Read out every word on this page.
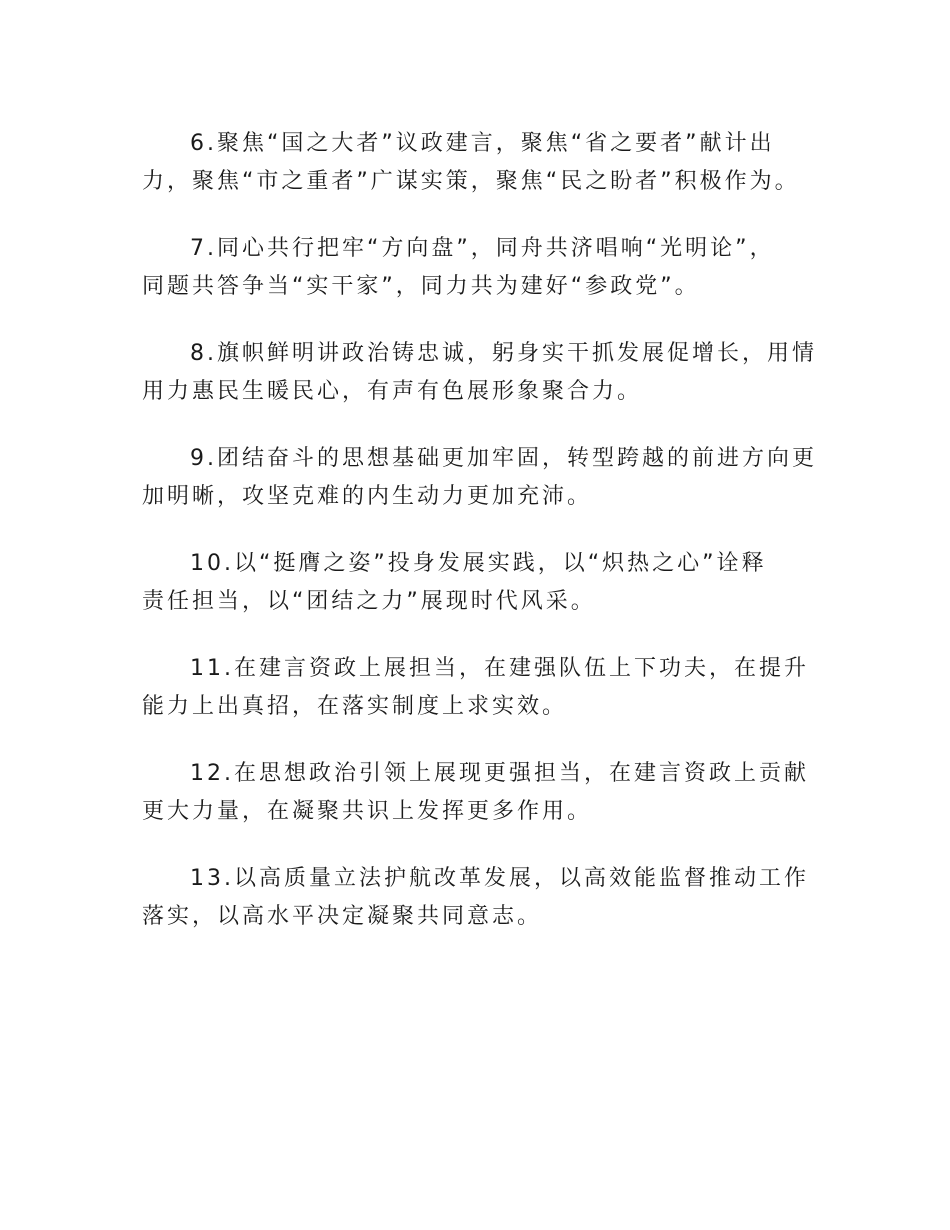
6.聚焦“国之大者”议政建言，聚焦“省之要者”献计出
力，聚焦“市之重者”广谋实策，聚焦“民之盼者”积极作为。

7.同心共行把牢“方向盘”，同舟共济唱响“光明论”，
同题共答争当“实干家”，同力共为建好“参政党”。

8.旗帜鲜明讲政治铸忠诚，躬身实干抓发展促增长，用情
用力惠民生暖民心，有声有色展形象聚合力。

9.团结奋斗的思想基础更加牢固，转型跨越的前进方向更
加明晰，攻坚克难的内生动力更加充沛。

10.以“挺膺之姿”投身发展实践，以“炽热之心”诠释
责任担当，以“团结之力”展现时代风采。

11.在建言资政上展担当，在建强队伍上下功夫，在提升
能力上出真招，在落实制度上求实效。

12.在思想政治引领上展现更强担当，在建言资政上贡献
更大力量，在凝聚共识上发挥更多作用。

13.以高质量立法护航改革发展，以高效能监督推动工作
落实，以高水平决定凝聚共同意志。
